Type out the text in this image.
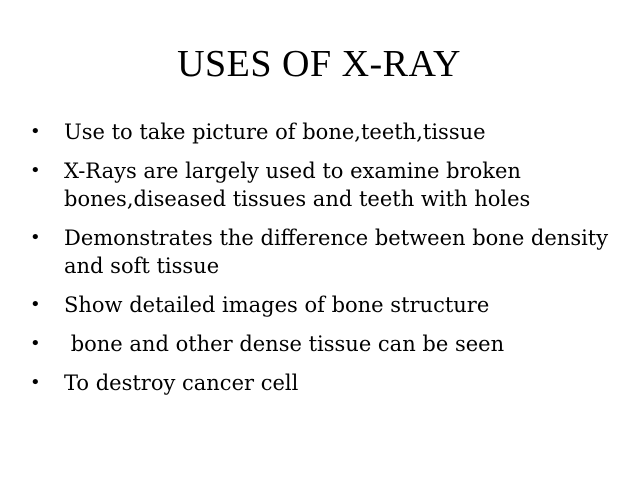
USES OF X-RAY
•	Use to take picture of bone,teeth,tissue
•	X-Rays are largely used to examine broken bones,diseased tissues and teeth with holes
•	Demonstrates the difference between bone density and soft tissue
•	Show detailed images of bone structure
•	bone and other dense tissue can be seen
•	To destroy cancer cell
